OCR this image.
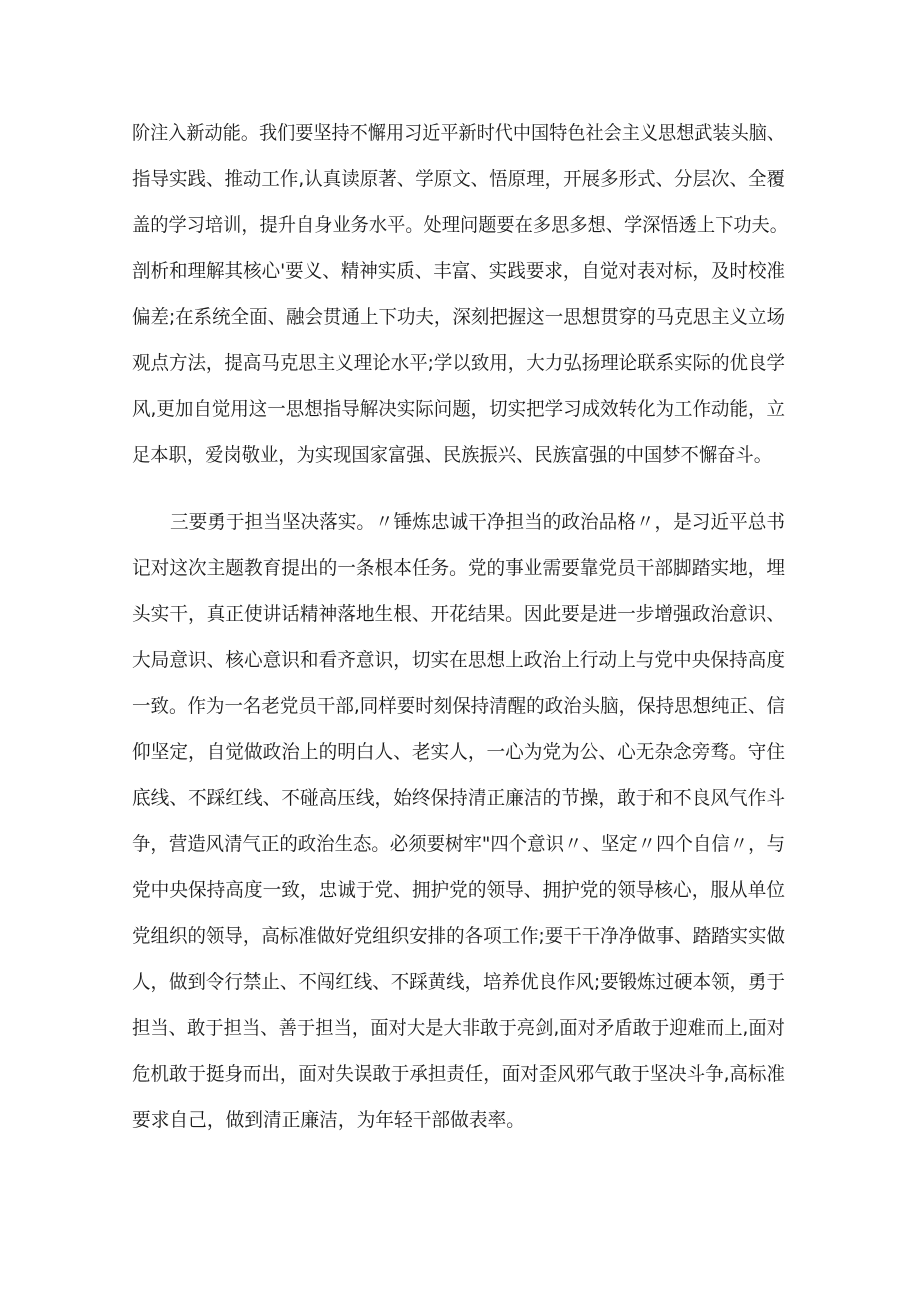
阶注入新动能。我们要坚持不懈用习近平新时代中国特色社会主义思想武装头脑、
指导实践、推动工作,认真读原著、学原文、悟原理，开展多形式、分层次、全覆
盖的学习培训，提升自身业务水平。处理问题要在多思多想、学深悟透上下功夫。
剖析和理解其核心'要义、精神实质、丰富、实践要求，自觉对表对标，及时校准
偏差;在系统全面、融会贯通上下功夫，深刻把握这一思想贯穿的马克思主义立场
观点方法，提高马克思主义理论水平;学以致用，大力弘扬理论联系实际的优良学
风,更加自觉用这一思想指导解决实际问题，切实把学习成效转化为工作动能，立
足本职，爱岗敬业，为实现国家富强、民族振兴、民族富强的中国梦不懈奋斗。
三要勇于担当坚决落实。〃锤炼忠诚干净担当的政治品格〃，是习近平总书
记对这次主题教育提出的一条根本任务。党的事业需要靠党员干部脚踏实地，埋
头实干，真正使讲话精神落地生根、开花结果。因此要是进一步增强政治意识、
大局意识、核心意识和看齐意识，切实在思想上政治上行动上与党中央保持高度
一致。作为一名老党员干部,同样要时刻保持清醒的政治头脑，保持思想纯正、信
仰坚定，自觉做政治上的明白人、老实人，一心为党为公、心无杂念旁骛。守住
底线、不踩红线、不碰高压线，始终保持清正廉洁的节操，敢于和不良风气作斗
争，营造风清气正的政治生态。必须要树牢"四个意识〃、坚定〃四个自信〃，与
党中央保持高度一致，忠诚于党、拥护党的领导、拥护党的领导核心，服从单位
党组织的领导，高标准做好党组织安排的各项工作;要干干净净做事、踏踏实实做
人，做到令行禁止、不闯红线、不踩黄线，培养优良作风;要锻炼过硬本领，勇于
担当、敢于担当、善于担当，面对大是大非敢于亮剑,面对矛盾敢于迎难而上,面对
危机敢于挺身而出，面对失误敢于承担责任，面对歪风邪气敢于坚决斗争,高标准
要求自己，做到清正廉洁，为年轻干部做表率。
